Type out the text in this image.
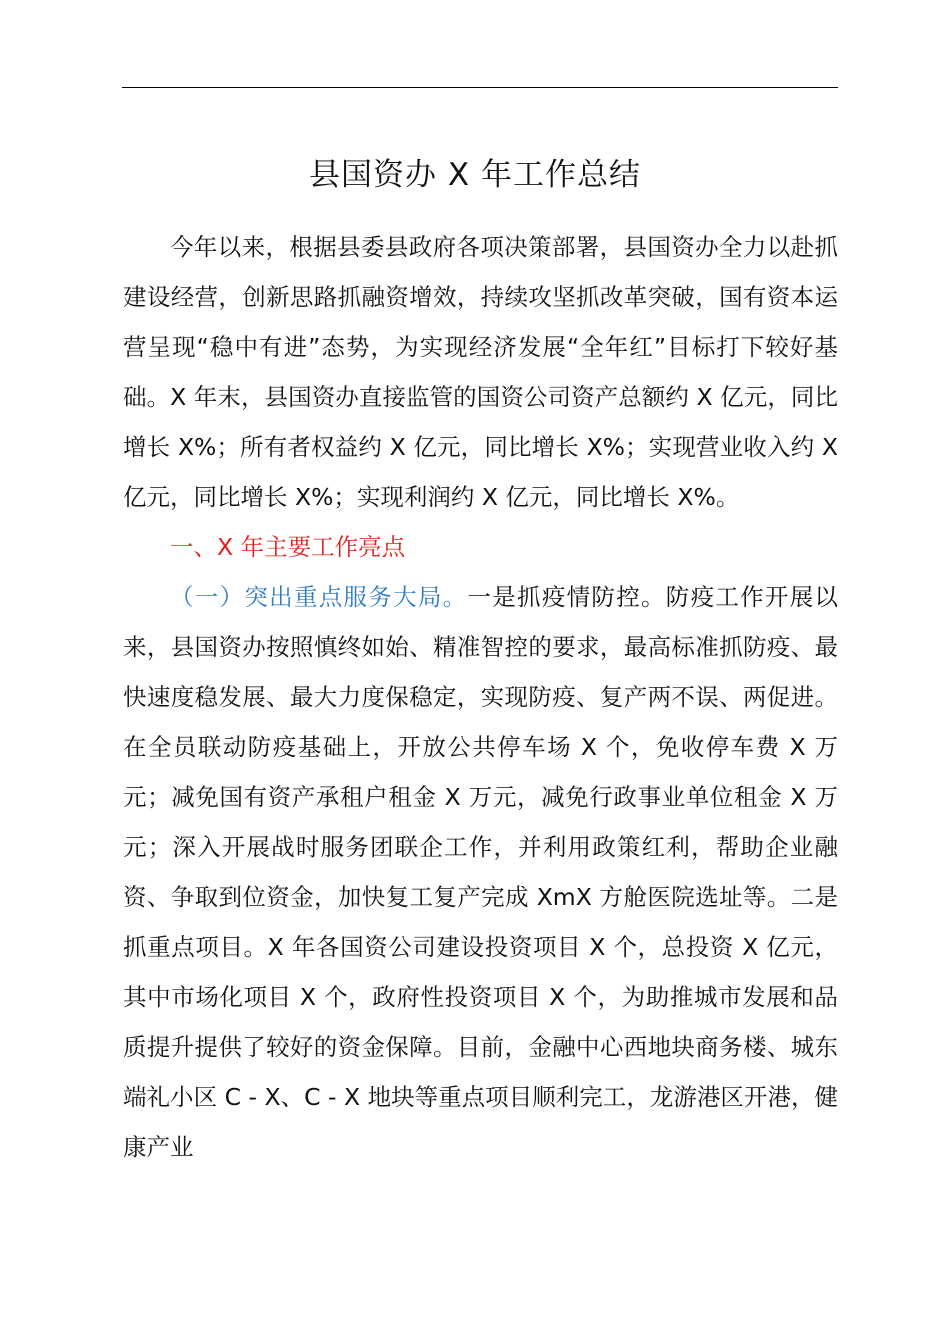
县国资办 X 年工作总结

今年以来，根据县委县政府各项决策部署，县国资办全力以赴抓建设经营，创新思路抓融资增效，持续攻坚抓改革突破，国有资本运营呈现“稳中有进”态势，为实现经济发展“全年红”目标打下较好基础。X 年末，县国资办直接监管的国资公司资产总额约 X 亿元，同比增长 X%；所有者权益约 X 亿元，同比增长 X%；实现营业收入约 X 亿元，同比增长 X%；实现利润约 X 亿元，同比增长 X%。

一、X 年主要工作亮点

（一）突出重点服务大局。一是抓疫情防控。防疫工作开展以来，县国资办按照慎终如始、精准智控的要求，最高标准抓防疫、最快速度稳发展、最大力度保稳定，实现防疫、复产两不误、两促进。在全员联动防疫基础上，开放公共停车场 X 个，免收停车费 X 万元；减免国有资产承租户租金 X 万元，减免行政事业单位租金 X 万元；深入开展战时服务团联企工作，并利用政策红利，帮助企业融资、争取到位资金，加快复工复产完成 XmX 方舱医院选址等。二是抓重点项目。X 年各国资公司建设投资项目 X 个，总投资 X 亿元，其中市场化项目 X 个，政府性投资项目 X 个，为助推城市发展和品质提升提供了较好的资金保障。目前，金融中心西地块商务楼、城东端礼小区 C - X、C - X 地块等重点项目顺利完工，龙游港区开港，健康产业
